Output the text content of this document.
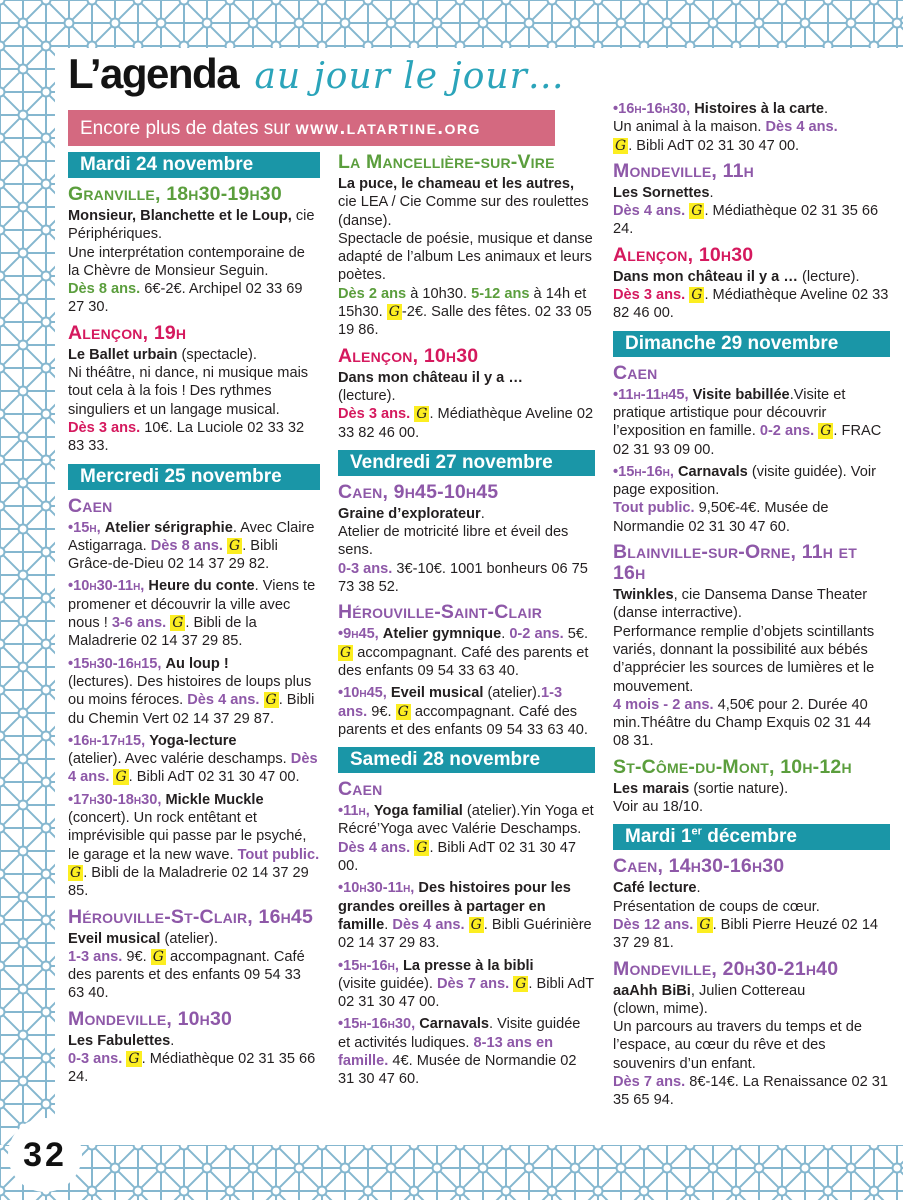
L’agenda au jour le jour…
Encore plus de dates sur www.latartine.org
Mardi 24 novembre
Granville, 18h30-19h30

Monsieur, Blanchette et le Loup, cie Périphériques.
Une interprétation contemporaine de la Chèvre de Monsieur Seguin.
Dès 8 ans. 6€-2€. Archipel 02 33 69 27 30.

Alençon, 19h

Le Ballet urbain (spectacle).
Ni théâtre, ni dance, ni musique mais tout cela à la fois ! Des rythmes singuliers et un langage musical.
Dès 3 ans. 10€. La Luciole 02 33 32 83 33.

Mercredi 25 novembre
Caen

•15h, Atelier sérigraphie. Avec Claire Astigarraga. Dès 8 ans. G . Bibli Grâce-de-Dieu 02 14 37 29 82.

•10h30-11h, Heure du conte. Viens te promener et découvrir la ville avec nous ! 3-6 ans. G . Bibli de la Maladrerie 02 14 37 29 85.

•15h30-16h15, Au loup !
(lectures). Des histoires de loups plus ou moins féroces. Dès 4 ans. G . Bibli du Chemin Vert 02 14 37 29 87.

•16h-17h15, Yoga-lecture
(atelier). Avec valérie deschamps. Dès 4 ans. G . Bibli AdT 02 31 30 47 00.

•17h30-18h30, Mickle Muckle
(concert). Un rock entêtant et imprévisible qui passe par le psyché, le garage et la new wave. Tout public. G . Bibli de la Maladrerie 02 14 37 29 85.

Hérouville-St-Clair, 16h45

Eveil musical (atelier).
1-3 ans. 9€. G accompagnant. Café des parents et des enfants 09 54 33 63 40.

Mondeville, 10h30

Les Fabulettes.
0-3 ans. G . Médiathèque 02 31 35 66 24.

La Mancellière-sur-Vire

La puce, le chameau et les autres, cie LEA / Cie Comme sur des roulettes (danse).
Spectacle de poésie, musique et danse adapté de l’album Les animaux et leurs poètes.
Dès 2 ans à 10h30. 5-12 ans à 14h et 15h30. G -2€. Salle des fêtes. 02 33 05 19 86.

Alençon, 10h30

Dans mon château il y a …
(lecture).
Dès 3 ans. G . Médiathèque Aveline 02 33 82 46 00.

Vendredi 27 novembre
Caen, 9h45-10h45

Graine d’explorateur.
Atelier de motricité libre et éveil des sens.
0-3 ans. 3€-10€. 1001 bonheurs 06 75 73 38 52.

Hérouville-Saint-Clair

•9h45, Atelier gymnique. 0-2 ans. 5€. G accompagnant. Café des parents et des enfants 09 54 33 63 40.

•10h45, Eveil musical (atelier).1-3 ans. 9€. G accompagnant. Café des parents et des enfants 09 54 33 63 40.

Samedi 28 novembre
Caen

•11h, Yoga familial (atelier).Yin Yoga et Récré’Yoga avec Valérie Deschamps. Dès 4 ans. G . Bibli AdT 02 31 30 47 00.

•10h30-11h, Des histoires pour les grandes oreilles à partager en famille. Dès 4 ans. G . Bibli Guérinière 02 14 37 29 83.

•15h-16h, La presse à la bibli
(visite guidée). Dès 7 ans. G . Bibli AdT 02 31 30 47 00.

•15h-16h30, Carnavals. Visite guidée et activités ludiques. 8-13 ans en famille. 4€. Musée de Normandie 02 31 30 47 60.

•16h-16h30, Histoires à la carte.
Un animal à la maison. Dès 4 ans.
G . Bibli AdT 02 31 30 47 00.

Mondeville, 11h

Les Sornettes.
Dès 4 ans. G . Médiathèque 02 31 35 66 24.

Alençon, 10h30

Dans mon château il y a … (lecture).
Dès 3 ans. G . Médiathèque Aveline 02 33 82 46 00.

Dimanche 29 novembre
Caen

•11h-11h45, Visite babillée.Visite et pratique artistique pour découvrir l’exposition en famille. 0-2 ans. G . FRAC 02 31 93 09 00.

•15h-16h, Carnavals (visite guidée). Voir page exposition.
Tout public. 9,50€-4€. Musée de Normandie 02 31 30 47 60.

Blainville-sur-Orne, 11h et 16h

Twinkles, cie Dansema Danse Theater (danse interractive).
Performance remplie d’objets scintillants variés, donnant la possibilité aux bébés d’apprécier les sources de lumières et le mouvement.
4 mois - 2 ans. 4,50€ pour 2. Durée 40 min.Théâtre du Champ Exquis 02 31 44 08 31.

St-Côme-du-Mont, 10h-12h

Les marais (sortie nature).
Voir au 18/10.

Mardi 1er décembre
Caen, 14h30-16h30

Café lecture.
Présentation de coups de cœur.
Dès 12 ans. G . Bibli Pierre Heuzé 02 14 37 29 81.

Mondeville, 20h30-21h40

aaAhh BiBi, Julien Cottereau
(clown, mime).
Un parcours au travers du temps et de l’espace, au cœur du rêve et des souvenirs d’un enfant.
Dès 7 ans. 8€-14€. La Renaissance 02 31 35 65 94.

32
